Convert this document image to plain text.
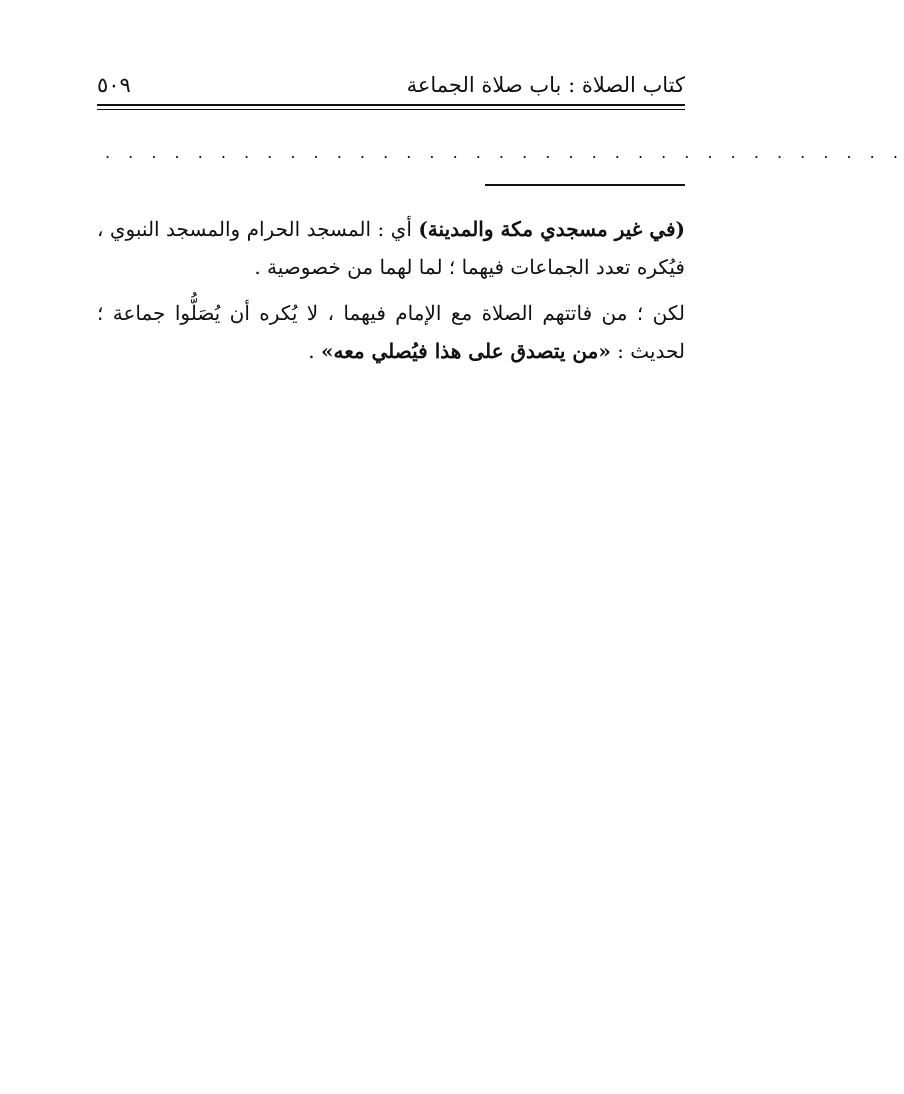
كتاب الصلاة : باب صلاة الجماعة
٥٠٩
. . . . . . . . . . . . . . . . . . . . . . . . . . . . . . . . . . .

(في غير مسجدي مكة والمدينة) أي : المسجد الحرام والمسجد النبوي ، فيُكره تعدد الجماعات فيهما ؛ لما لهما من خصوصية .

لكن ؛ من فاتتهم الصلاة مع الإمام فيهما ، لا يُكره أن يُصَلُّوا جماعة ؛ لحديث : «من يتصدق على هذا فيُصلي معه» .
